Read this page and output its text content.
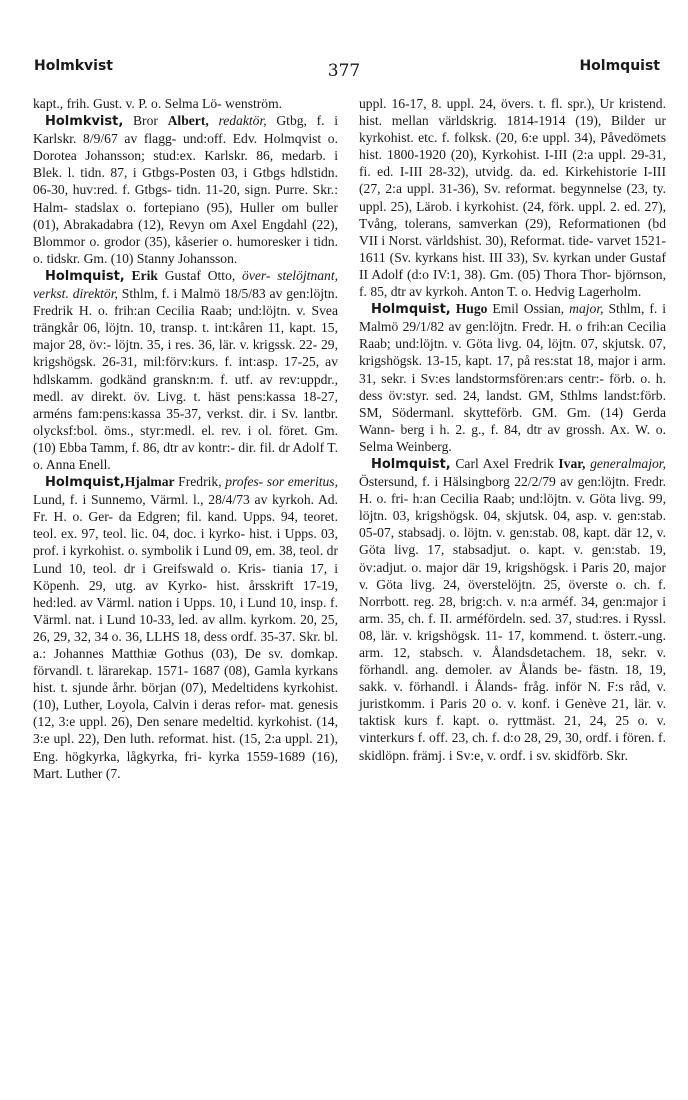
Holmkvist	377	Holmquist

kapt., frih. Gust. v. P. o. Selma Lö- wenström.

Holmkvist, Bror Albert, redaktör, Gtbg, f. i Karlskr. 8/9/67 av flagg- und:off. Edv. Holmqvist o. Dorotea Johansson; stud:ex. Karlskr. 86, medarb. i Blek. l. tidn. 87, i Gtbgs-Posten 03, i Gtbgs hdlstidn. 06-30, huv:red. f. Gtbgs- tidn. 11-20, sign. Purre. Skr.: Halm- stadslax o. fortepiano (95), Huller om buller (01), Abrakadabra (12), Revyn om Axel Engdahl (22), Blommor o. grodor (35), kåserier o. humoresker i tidn. o. tidskr. Gm. (10) Stanny Johansson.

Holmquist, Erik Gustaf Otto, över- stelöjtnant, verkst. direktör, Sthlm, f. i Malmö 18/5/83 av gen:löjtn. Fredrik H. o. frih:an Cecilia Raab; und:löjtn. v. Svea trängkår 06, löjtn. 10, transp. t. int:kåren 11, kapt. 15, major 28, öv:- löjtn. 35, i res. 36, lär. v. krigssk. 22- 29, krigshögsk. 26-31, mil:förv:kurs. f. int:asp. 17-25, av hdlskamm. godkänd granskn:m. f. utf. av rev:uppdr., medl. av direkt. öv. Livg. t. häst pens:kassa 18-27, arméns fam:pens:kassa 35-37, verkst. dir. i Sv. lantbr. olycksf:bol. öms., styr:medl. el. rev. i ol. föret. Gm. (10) Ebba Tamm, f. 86, dtr av kontr:- dir. fil. dr Adolf T. o. Anna Enell.

Holmquist,Hjalmar Fredrik, profes- sor emeritus, Lund, f. i Sunnemo, Värml. l., 28/4/73 av kyrkoh. Ad. Fr. H. o. Ger- da Edgren; fil. kand. Upps. 94, teoret. teol. ex. 97, teol. lic. 04, doc. i kyrko- hist. i Upps. 03, prof. i kyrkohist. o. symbolik i Lund 09, em. 38, teol. dr Lund 10, teol. dr i Greifswald o. Kris- tiania 17, i Köpenh. 29, utg. av Kyrko- hist. årsskrift 17-19, hed:led. av Värml. nation i Upps. 10, i Lund 10, insp. f. Värml. nat. i Lund 10-33, led. av allm. kyrkom. 20, 25, 26, 29, 32, 34 o. 36, LLHS 18, dess ordf. 35-37. Skr. bl. a.: Johannes Matthiæ Gothus (03), De sv. domkap. förvandl. t. lärarekap. 1571- 1687 (08), Gamla kyrkans hist. t. sjunde århr. början (07), Medeltidens kyrkohist. (10), Luther, Loyola, Calvin i deras refor- mat. genesis (12, 3:e uppl. 26), Den senare medeltid. kyrkohist. (14, 3:e upl. 22), Den luth. reformat. hist. (15, 2:a uppl. 21), Eng. högkyrka, lågkyrka, fri- kyrka 1559-1689 (16), Mart. Luther (7.

uppl. 16-17, 8. uppl. 24, övers. t. fl. spr.), Ur kristend. hist. mellan världskrig. 1814-1914 (19), Bilder ur kyrkohist. etc. f. folksk. (20, 6:e uppl. 34), Påvedömets hist. 1800-1920 (20), Kyrkohist. I-III (2:a uppl. 29-31, fi. ed. I-III 28-32), utvidg. da. ed. Kirkehistorie I-III (27, 2:a uppl. 31-36), Sv. reformat. begynnelse (23, ty. uppl. 25), Lärob. i kyrkohist. (24, förk. uppl. 2. ed. 27), Tvång, tolerans, samverkan (29), Reformationen (bd VII i Norst. världshist. 30), Reformat. tide- varvet 1521-1611 (Sv. kyrkans hist. III 33), Sv. kyrkan under Gustaf II Adolf (d:o IV:1, 38). Gm. (05) Thora Thor- björnson, f. 85, dtr av kyrkoh. Anton T. o. Hedvig Lagerholm.

Holmquist, Hugo Emil Ossian, major, Sthlm, f. i Malmö 29/1/82 av gen:löjtn. Fredr. H. o frih:an Cecilia Raab; und:löjtn. v. Göta livg. 04, löjtn. 07, skjutsk. 07, krigshögsk. 13-15, kapt. 17, på res:stat 18, major i arm. 31, sekr. i Sv:es landstormsfören:ars centr:- förb. o. h. dess öv:styr. sed. 24, landst. GM, Sthlms landst:förb. SM, Södermanl. skytteförb. GM. Gm. (14) Gerda Wann- berg i h. 2. g., f. 84, dtr av grossh. Ax. W. o. Selma Weinberg.

Holmquist, Carl Axel Fredrik Ivar, generalmajor, Östersund, f. i Hälsingborg 22/2/79 av gen:löjtn. Fredr. H. o. fri- h:an Cecilia Raab; und:löjtn. v. Göta livg. 99, löjtn. 03, krigshögsk. 04, skjutsk. 04, asp. v. gen:stab. 05-07, stabsadj. o. löjtn. v. gen:stab. 08, kapt. där 12, v. Göta livg. 17, stabsadjut. o. kapt. v. gen:stab. 19, öv:adjut. o. major där 19, krigshögsk. i Paris 20, major v. Göta livg. 24, överstelöjtn. 25, överste o. ch. f. Norrbott. reg. 28, brig:ch. v. n:a arméf. 34, gen:major i arm. 35, ch. f. II. arméfördeln. sed. 37, stud:res. i Ryssl. 08, lär. v. krigshögsk. 11- 17, kommend. t. österr.-ung. arm. 12, stabsch. v. Ålandsdetachem. 18, sekr. v. förhandl. ang. demoler. av Ålands be- fästn. 18, 19, sakk. v. förhandl. i Ålands- fråg. inför N. F:s råd, v. juristkomm. i Paris 20 o. v. konf. i Genève 21, lär. v. taktisk kurs f. kapt. o. ryttmäst. 21, 24, 25 o. v. vinterkurs f. off. 23, ch. f. d:o 28, 29, 30, ordf. i fören. f. skidlöpn. främj. i Sv:e, v. ordf. i sv. skidförb. Skr.
